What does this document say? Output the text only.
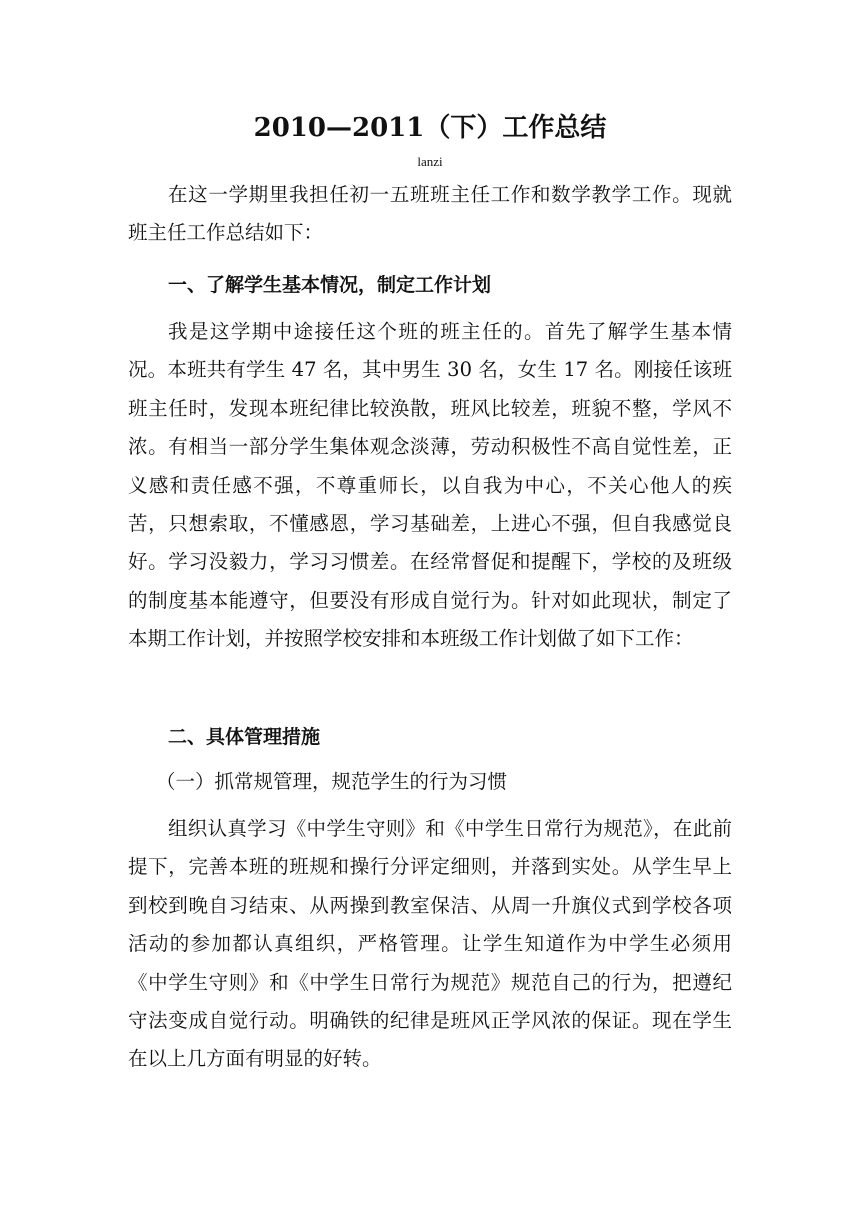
2010—2011（下）工作总结
lanzi
在这一学期里我担任初一五班班主任工作和数学教学工作。现就班主任工作总结如下：
一、了解学生基本情况，制定工作计划
我是这学期中途接任这个班的班主任的。首先了解学生基本情况。本班共有学生 47 名，其中男生 30 名，女生 17 名。刚接任该班班主任时，发现本班纪律比较涣散，班风比较差，班貌不整，学风不浓。有相当一部分学生集体观念淡薄，劳动积极性不高自觉性差，正义感和责任感不强，不尊重师长，以自我为中心，不关心他人的疾苦，只想索取，不懂感恩，学习基础差，上进心不强，但自我感觉良好。学习没毅力，学习习惯差。在经常督促和提醒下，学校的及班级的制度基本能遵守，但要没有形成自觉行为。针对如此现状，制定了本期工作计划，并按照学校安排和本班级工作计划做了如下工作：
二、具体管理措施
（一）抓常规管理，规范学生的行为习惯
组织认真学习《中学生守则》和《中学生日常行为规范》，在此前提下，完善本班的班规和操行分评定细则，并落到实处。从学生早上到校到晚自习结束、从两操到教室保洁、从周一升旗仪式到学校各项活动的参加都认真组织，严格管理。让学生知道作为中学生必须用《中学生守则》和《中学生日常行为规范》规范自己的行为，把遵纪守法变成自觉行动。明确铁的纪律是班风正学风浓的保证。现在学生在以上几方面有明显的好转。
